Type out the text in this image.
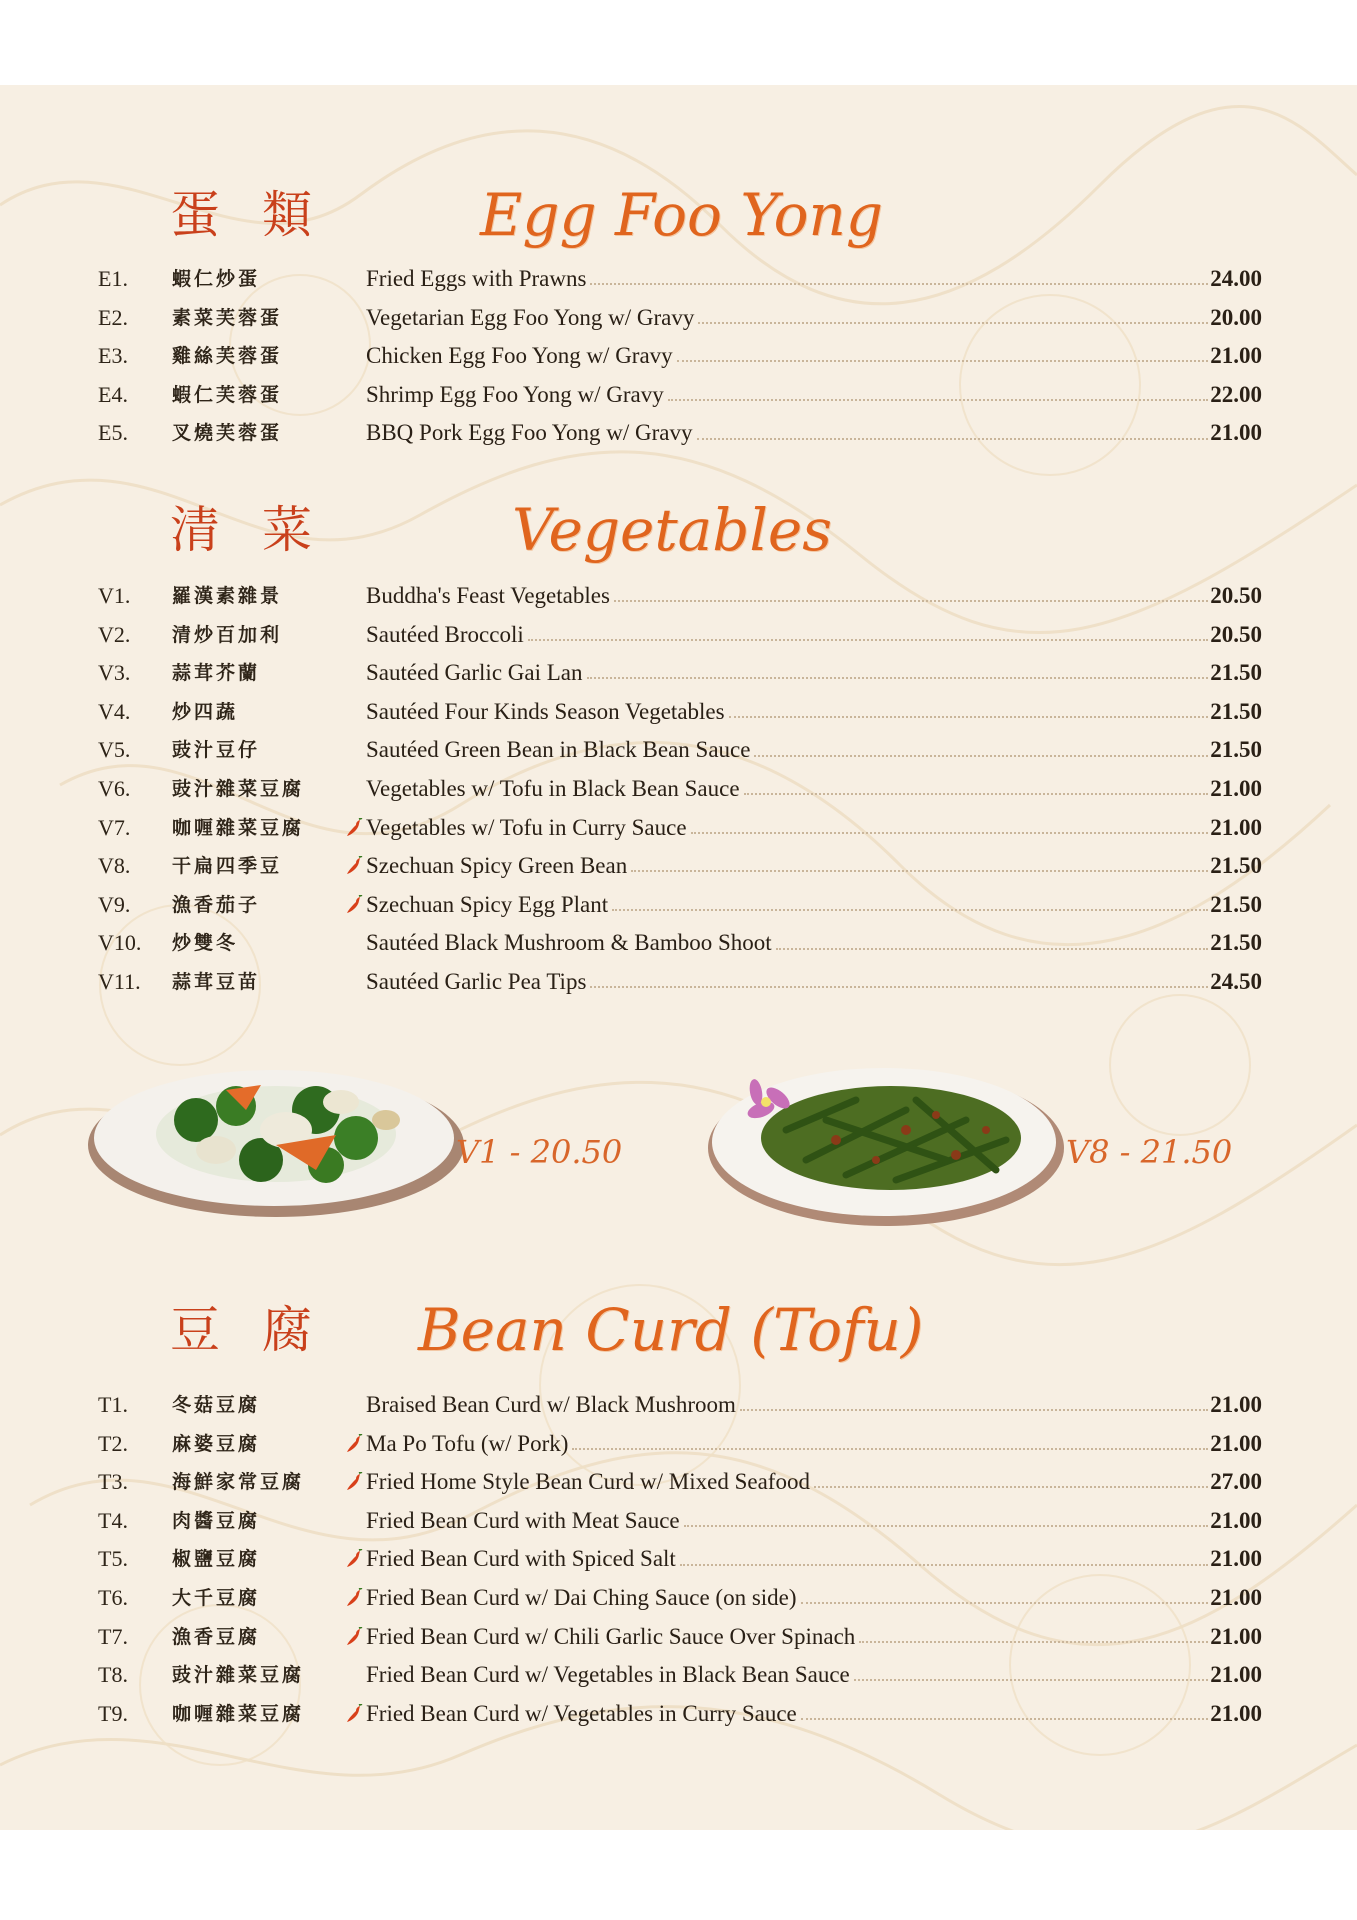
蛋類 Egg Foo Yong
E1.	蝦仁炒蛋	Fried Eggs with Prawns	24.00
E2.	素菜芙蓉蛋	Vegetarian Egg Foo Yong w/ Gravy	20.00
E3.	雞絲芙蓉蛋	Chicken Egg Foo Yong w/ Gravy	21.00
E4.	蝦仁芙蓉蛋	Shrimp Egg Foo Yong w/ Gravy	22.00
E5.	叉燒芙蓉蛋	BBQ Pork Egg Foo Yong w/ Gravy	21.00
清菜	Vegetables
V1.	羅漢素雜景	Buddha's Feast Vegetables	20.50
V2.	清炒百加利	Sautéed Broccoli	20.50
V3.	蒜茸芥蘭	Sautéed Garlic Gai Lan	21.50
V4.	炒四蔬	Sautéed Four Kinds Season Vegetables	21.50
V5.	豉汁豆仔	Sautéed Green Bean in Black Bean Sauce	21.50
V6.	豉汁雜菜豆腐	Vegetables w/ Tofu in Black Bean Sauce	21.00
V7.	咖喱雜菜豆腐	Vegetables w/ Tofu in Curry Sauce	21.00
V8.	干扁四季豆	Szechuan Spicy Green Bean	21.50
V9.	漁香茄子	Szechuan Spicy Egg Plant	21.50
V10.	炒雙冬	Sautéed Black Mushroom & Bamboo Shoot	21.50
V11.	蒜茸豆苗	Sautéed Garlic Pea Tips	24.50
V1 - 20.50	V8 - 21.50
豆腐 Bean Curd (Tofu)
T1.	冬菇豆腐	Braised Bean Curd w/ Black Mushroom	21.00
T2.	麻婆豆腐	Ma Po Tofu (w/ Pork)	21.00
T3.	海鮮家常豆腐	Fried Home Style Bean Curd w/ Mixed Seafood	27.00
T4.	肉醬豆腐	Fried Bean Curd with Meat Sauce	21.00
T5.	椒鹽豆腐	Fried Bean Curd with Spiced Salt	21.00
T6.	大千豆腐	Fried Bean Curd w/ Dai Ching Sauce (on side)	21.00
T7.	漁香豆腐	Fried Bean Curd w/ Chili Garlic Sauce Over Spinach	21.00
T8.	豉汁雜菜豆腐	Fried Bean Curd w/ Vegetables in Black Bean Sauce	21.00
T9.	咖喱雜菜豆腐	Fried Bean Curd w/ Vegetables in Curry Sauce	21.00
